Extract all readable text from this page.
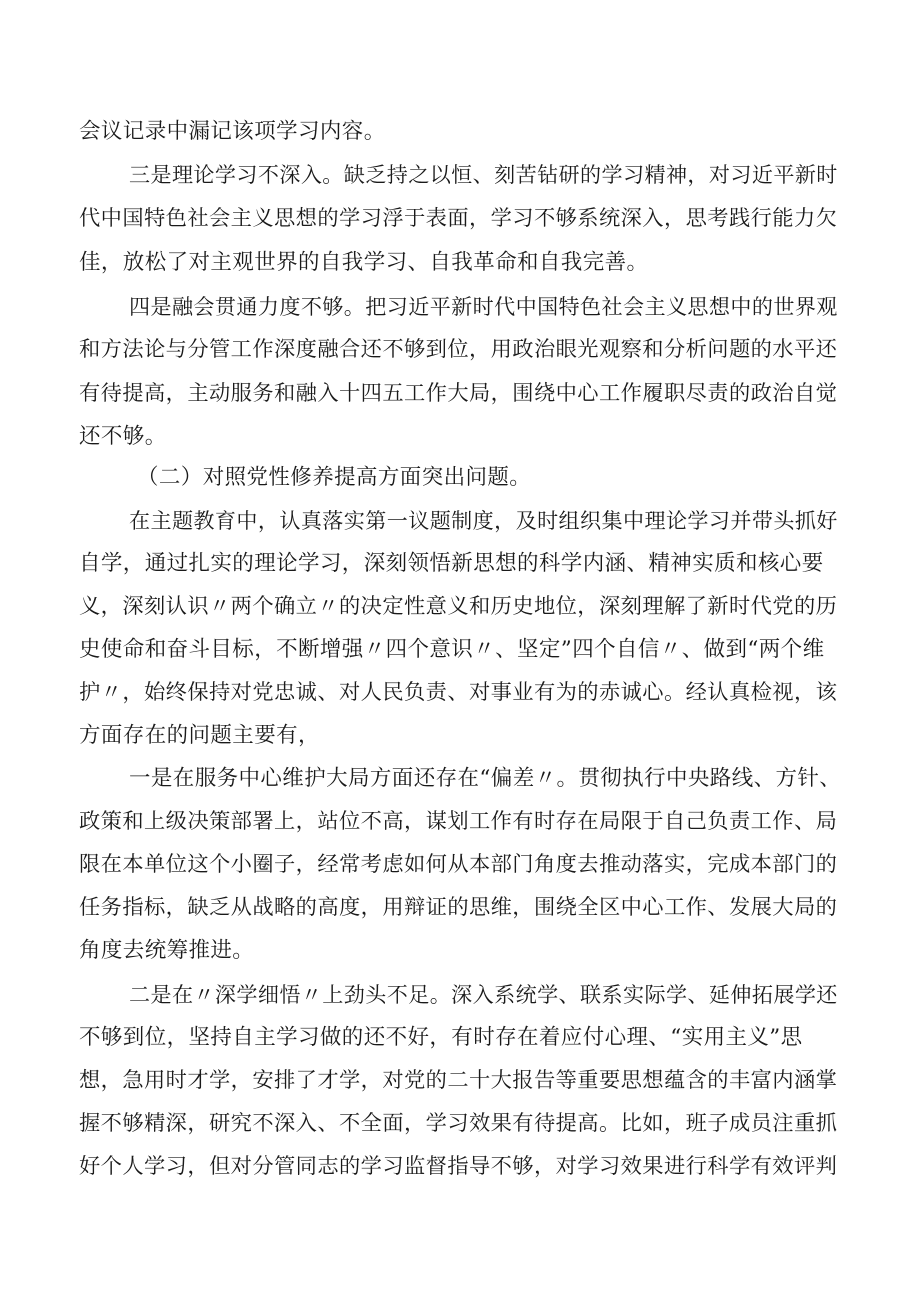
会议记录中漏记该项学习内容。
三是理论学习不深入。缺乏持之以恒、刻苦钻研的学习精神，对习近平新时
代中国特色社会主义思想的学习浮于表面，学习不够系统深入，思考践行能力欠
佳，放松了对主观世界的自我学习、自我革命和自我完善。
四是融会贯通力度不够。把习近平新时代中国特色社会主义思想中的世界观
和方法论与分管工作深度融合还不够到位，用政治眼光观察和分析问题的水平还
有待提高，主动服务和融入十四五工作大局，围绕中心工作履职尽责的政治自觉
还不够。
（二）对照党性修养提高方面突出问题。
在主题教育中，认真落实第一议题制度，及时组织集中理论学习并带头抓好
自学，通过扎实的理论学习，深刻领悟新思想的科学内涵、精神实质和核心要
义，深刻认识〃两个确立〃的决定性意义和历史地位，深刻理解了新时代党的历
史使命和奋斗目标，不断增强〃四个意识〃、坚定”四个自信〃、做到“两个维
护〃，始终保持对党忠诚、对人民负责、对事业有为的赤诚心。经认真检视，该
方面存在的问题主要有，
一是在服务中心维护大局方面还存在“偏差〃。贯彻执行中央路线、方针、
政策和上级决策部署上，站位不高，谋划工作有时存在局限于自己负责工作、局
限在本单位这个小圈子，经常考虑如何从本部门角度去推动落实，完成本部门的
任务指标，缺乏从战略的高度，用辩证的思维，围绕全区中心工作、发展大局的
角度去统筹推进。
二是在〃深学细悟〃上劲头不足。深入系统学、联系实际学、延伸拓展学还
不够到位，坚持自主学习做的还不好，有时存在着应付心理、“实用主义”思
想，急用时才学，安排了才学，对党的二十大报告等重要思想蕴含的丰富内涵掌
握不够精深，研究不深入、不全面，学习效果有待提高。比如，班子成员注重抓
好个人学习，但对分管同志的学习监督指导不够，对学习效果进行科学有效评判
